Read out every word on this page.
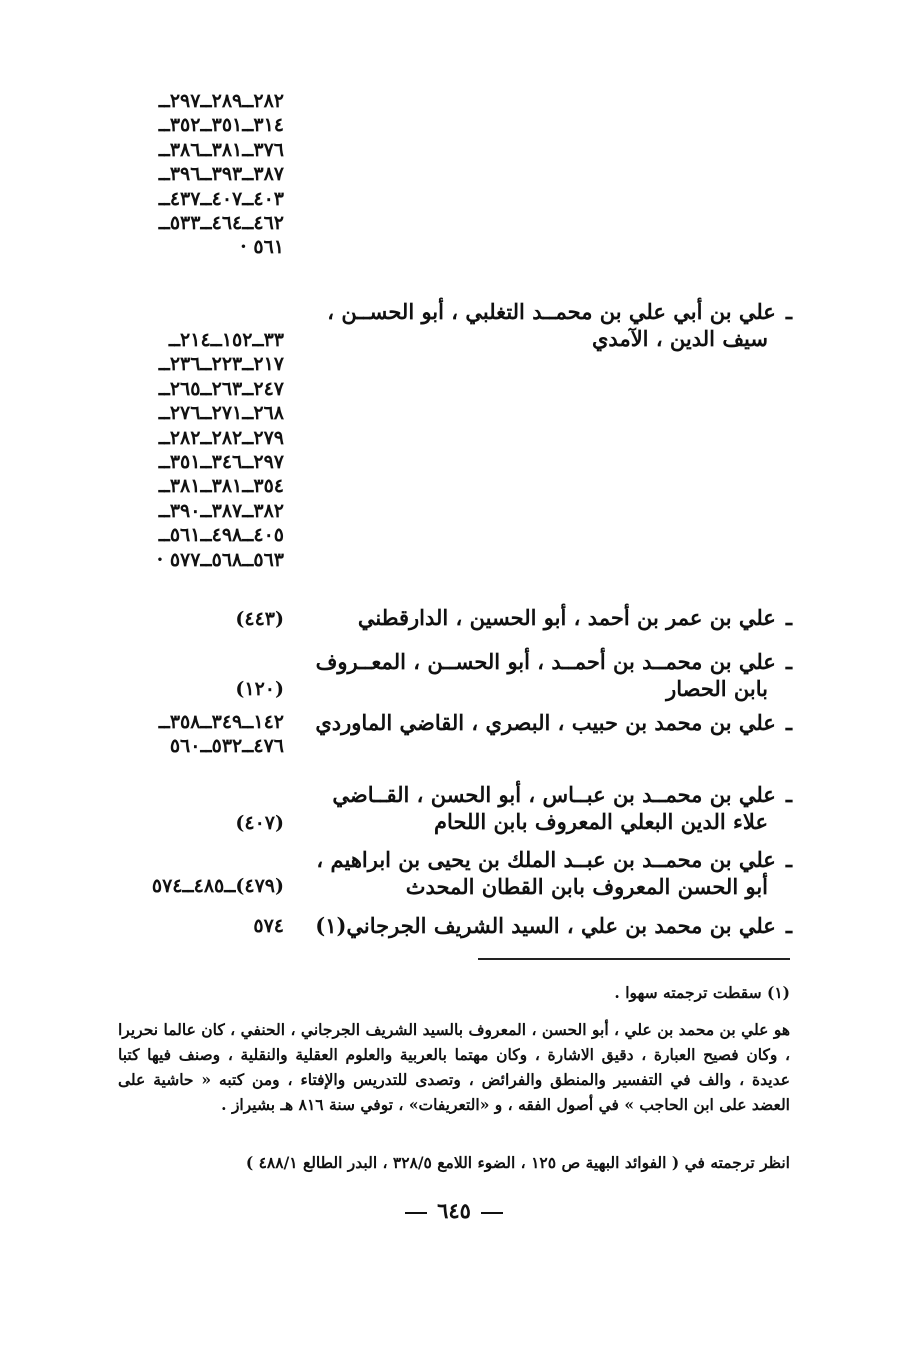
٢٨٢ــ٢٨٩ــ٢٩٧ــ
٣١٤ــ٣٥١ــ٣٥٢ــ
٣٧٦ــ٣٨١ــ٣٨٦ــ
٣٨٧ــ٣٩٣ــ٣٩٦ــ
٤٠٣ــ٤٠٧ــ٤٣٧ــ
٤٦٢ــ٤٦٤ــ٥٣٣ــ
٥٦١ ·
ـعلي بن أبي علي بن محمــد التغلبي ، أبو الحســن ،
سيف الدين ، الآمدي
٣٣ــ١٥٢ــ٢١٤ــ
٢١٧ــ٢٢٣ــ٢٣٦ــ
٢٤٧ــ٢٦٣ــ٢٦٥ــ
٢٦٨ــ٢٧١ــ٢٧٦ــ
٢٧٩ــ٢٨٢ــ٢٨٢ــ
٢٩٧ــ٣٤٦ــ٣٥١ــ
٣٥٤ــ٣٨١ــ٣٨١ــ
٣٨٢ــ٣٨٧ــ٣٩٠ــ
٤٠٥ــ٤٩٨ــ٥٦١ــ
٥٦٣ــ٥٦٨ــ٥٧٧ ·
ـعلي بن عمر بن أحمد ، أبو الحسين ، الدارقطني
(٤٤٣)
ـعلي بن محمــد بن أحمــد ، أبو الحســن ، المعــروف
بابن الحصار
(١٢٠)
ـعلي بن محمد بن حبيب ، البصري ، القاضي الماوردي
١٤٢ــ٣٤٩ــ٣٥٨ــ
٤٧٦ــ٥٣٢ــ٥٦٠
ـعلي بن محمــد بن عبــاس ، أبو الحسن ، القــاضي
علاء الدين البعلي المعروف بابن اللحام
(٤٠٧)
ـعلي بن محمــد بن عبــد الملك بن يحيى بن ابراهيم ،
أبو الحسن المعروف بابن القطان المحدث
(٤٧٩)ــ٤٨٥ــ٥٧٤
ـعلي بن محمد بن علي ، السيد الشريف الجرجاني(١)
٥٧٤
(١) سقطت ترجمته سهوا .
هو علي بن محمد بن علي ، أبو الحسن ، المعروف بالسيد الشريف الجرجاني ، الحنفي ، كان عالما نحريرا ، وكان فصيح العبارة ، دقيق الاشارة ، وكان مهتما بالعربية والعلوم العقلية والنقلية ، وصنف فيها كتبا عديدة ، والف في التفسير والمنطق والفرائض ، وتصدى للتدريس والإفتاء ، ومن كتبه « حاشية على العضد على ابن الحاجب » في أصول الفقه ، و «التعريفات» ، توفي سنة ٨١٦ هـ بشيراز .
انظر ترجمته في ( الفوائد البهية ص ١٢٥ ، الضوء اللامع ٣٢٨/٥ ، البدر الطالع ٤٨٨/١ )
٦٤٥
